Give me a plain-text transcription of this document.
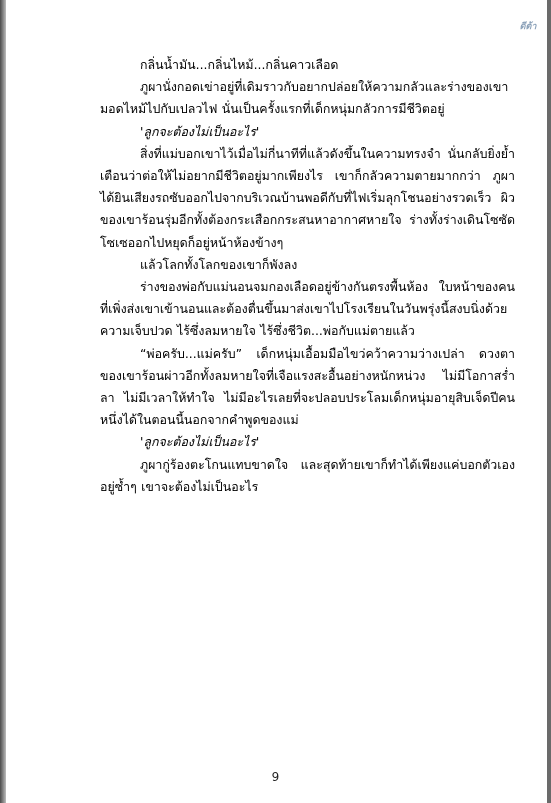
ดีต้า

กลิ่นน้ำมัน...กลิ่นไหม้...กลิ่นคาวเลือด

ภูผานั่งกอดเข่าอยู่ที่เดิมราวกับอยากปล่อยให้ความกลัวและร่างของเขามอดไหม้ไปกับเปลวไฟ นั่นเป็นครั้งแรกที่เด็กหนุ่มกลัวการมีชีวิตอยู่

'ลูกจะต้องไม่เป็นอะไร'

สิ่งที่แม่บอกเขาไว้เมื่อไม่กี่นาทีที่แล้วดังขึ้นในความทรงจำ นั่นกลับยิ่งย้ำเตือนว่าต่อให้ไม่อยากมีชีวิตอยู่มากเพียงไร เขาก็กลัวความตายมากกว่า ภูผาได้ยินเสียงรถซับออกไปจากบริเวณบ้านพอดีกับที่ไฟเริ่มลุกโชนอย่างรวดเร็ว ผิวของเขาร้อนรุ่มอีกทั้งต้องกระเสือกกระสนหาอากาศหายใจ ร่างทั้งร่างเดินโซซัดโซเซออกไปหยุดก็อยู่หน้าห้องข้างๆ

แล้วโลกทั้งโลกของเขาก็พังลง

ร่างของพ่อกับแม่นอนจมกองเลือดอยู่ข้างกันตรงพื้นห้อง ใบหน้าของคนที่เพิ่งส่งเขาเข้านอนและต้องตื่นขึ้นมาส่งเขาไปโรงเรียนในวันพรุ่งนี้สงบนิ่งด้วยความเจ็บปวด ไร้ซึ่งลมหายใจ ไร้ซึ่งชีวิต...พ่อกับแม่ตายแล้ว

“พ่อครับ...แม่ครับ” เด็กหนุ่มเอื้อมมือไขว่คว้าความว่างเปล่า ดวงตาของเขาร้อนผ่าวอีกทั้งลมหายใจที่เจือแรงสะอื้นอย่างหนักหน่วง ไม่มีโอกาสร่ำลา ไม่มีเวลาให้ทำใจ ไม่มีอะไรเลยที่จะปลอบประโลมเด็กหนุ่มอายุสิบเจ็ดปีคนหนึ่งได้ในตอนนี้นอกจากคำพูดของแม่

'ลูกจะต้องไม่เป็นอะไร'

ภูผากู่ร้องตะโกนแทบขาดใจ และสุดท้ายเขาก็ทำได้เพียงแค่บอกตัวเองอยู่ซ้ำๆ เขาจะต้องไม่เป็นอะไร

9
